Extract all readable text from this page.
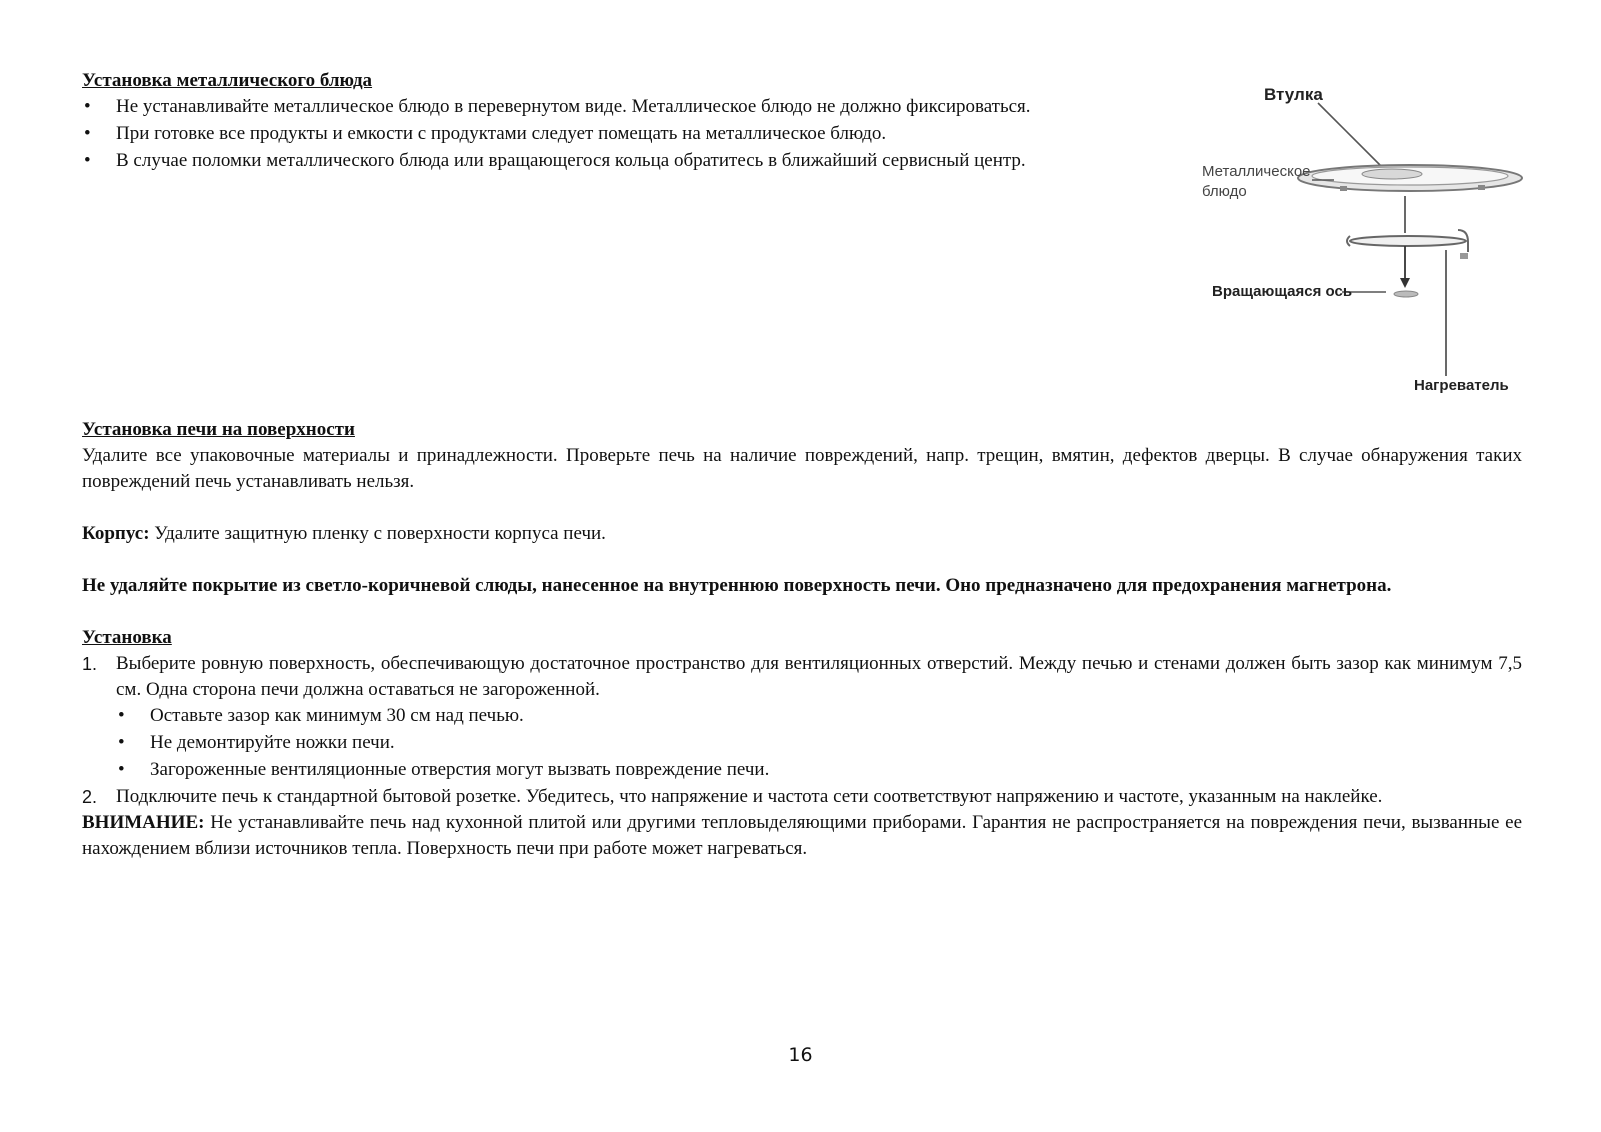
Установка металлического блюда
• Не устанавливайте металлическое блюдо в перевернутом виде. Металлическое блюдо не должно фиксироваться.
• При готовке все продукты и емкости с продуктами следует помещать на металлическое блюдо.
• В случае поломки металлического блюда или вращающегося кольца обратитесь в ближайший сервисный центр.
Втулка
Металлическое
блюдо
Вращающаяся ось
Нагреватель
Установка печи на поверхности

Удалите все упаковочные материалы и принадлежности. Проверьте печь на наличие повреждений, напр. трещин, вмятин, дефектов дверцы. В случае обнаружения таких повреждений печь устанавливать нельзя.

Корпус: Удалите защитную пленку с поверхности корпуса печи.

Не удаляйте покрытие из светло-коричневой слюды, нанесенное на внутреннюю поверхность печи. Оно предназначено для предохранения магнетрона.

Установка
1. Выберите ровную поверхность, обеспечивающую достаточное пространство для вентиляционных отверстий. Между печью и стенами должен быть зазор как минимум 7,5 см. Одна сторона печи должна оставаться не загороженной.
• Оставьте зазор как минимум 30 см над печью.
• Не демонтируйте ножки печи.
• Загороженные вентиляционные отверстия могут вызвать повреждение печи.
2. Подключите печь к стандартной бытовой розетке. Убедитесь, что напряжение и частота сети соответствуют напряжению и частоте, указанным на наклейке.

ВНИМАНИЕ: Не устанавливайте печь над кухонной плитой или другими тепловыделяющими приборами. Гарантия не распространяется на повреждения печи, вызванные ее нахождением вблизи источников тепла. Поверхность печи при работе может нагреваться.

16
